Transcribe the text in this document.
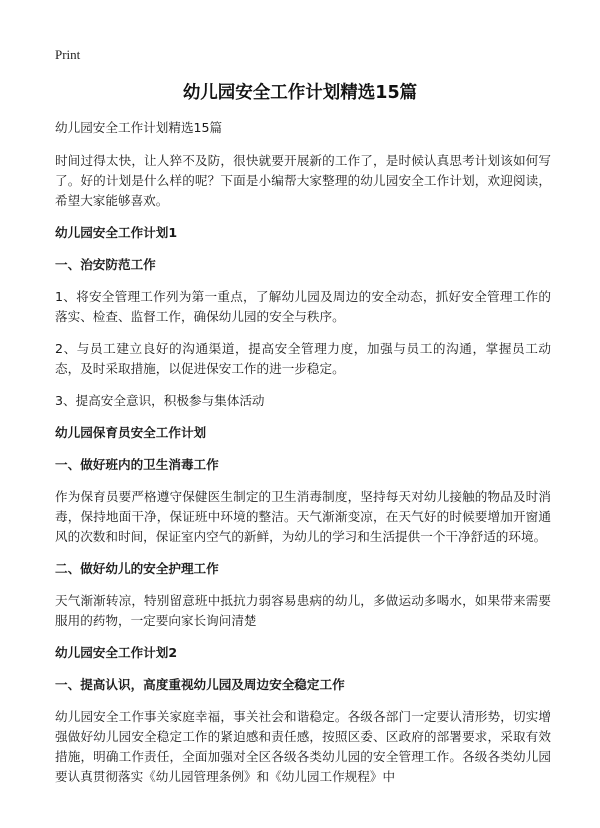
Print
幼儿园安全工作计划精选15篇

幼儿园安全工作计划精选15篇

时间过得太快，让人猝不及防，很快就要开展新的工作了，是时候认真思考计划该如何写了。好的计划是什么样的呢？下面是小编帮大家整理的幼儿园安全工作计划，欢迎阅读，希望大家能够喜欢。

幼儿园安全工作计划1

一、治安防范工作

1、将安全管理工作列为第一重点，了解幼儿园及周边的安全动态，抓好安全管理工作的落实、检查、监督工作，确保幼儿园的安全与秩序。

2、与员工建立良好的沟通渠道，提高安全管理力度，加强与员工的沟通，掌握员工动态，及时采取措施，以促进保安工作的进一步稳定。

3、提高安全意识，积极参与集体活动

幼儿园保育员安全工作计划

一、做好班内的卫生消毒工作

作为保育员要严格遵守保健医生制定的卫生消毒制度，坚持每天对幼儿接触的物品及时消毒，保持地面干净，保证班中环境的整洁。天气渐渐变凉，在天气好的时候要增加开窗通风的次数和时间，保证室内空气的新鲜，为幼儿的学习和生活提供一个干净舒适的环境。

二、做好幼儿的安全护理工作

天气渐渐转凉，特别留意班中抵抗力弱容易患病的幼儿，多做运动多喝水，如果带来需要服用的药物，一定要向家长询问清楚

幼儿园安全工作计划2

一、提高认识，高度重视幼儿园及周边安全稳定工作

幼儿园安全工作事关家庭幸福，事关社会和谐稳定。各级各部门一定要认清形势，切实增强做好幼儿园安全稳定工作的紧迫感和责任感，按照区委、区政府的部署要求，采取有效措施，明确工作责任，全面加强对全区各级各类幼儿园的安全管理工作。各级各类幼儿园要认真贯彻落实《幼儿园管理条例》和《幼儿园工作规程》中
